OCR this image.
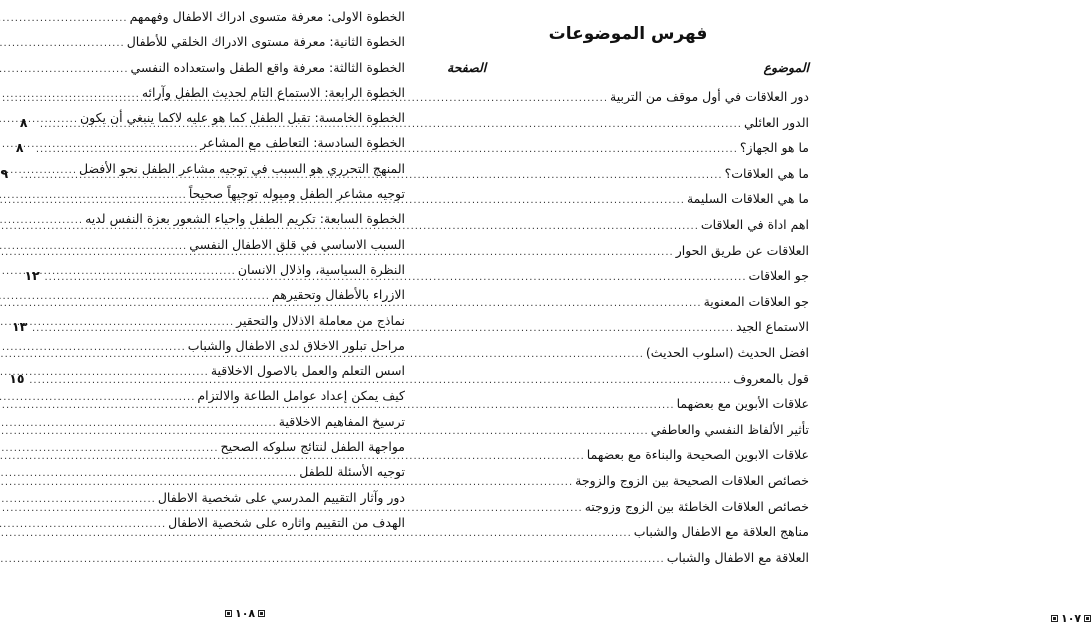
الخطوة الاولى: معرفة متسوى ادراك الاطفال وفهمهم
.....
الخطوة الثانية: معرفة مستوى الادراك الخلقي للأطفال
.....
الخطوة الثالثة: معرفة واقع الطفل واستعداده النفسي
.....
الخطوة الرابعة: الاستماع التام لحديث الطفل وآرائه
.....
الخطوة الخامسة: تقبل الطفل كما هو عليه لاكما ينبغي أن يكون
.....
الخطوة السادسة: التعاطف مع المشاعر
.....
المنهج التحرري هو السبب في توجيه مشاعر الطفل نحو الأفضل
.....
توجيه مشاعر الطفل وميوله توجيهاً صحيحاً
.....
الخطوة السابعة: تكريم الطفل واحياء الشعور بعزة النفس لديه
.....
السبب الاساسي في قلق الاطفال النفسي
.....
النظرة السياسية، واذلال الانسان
.....
الازراء بالأطفال وتحقيرهم
.....
نماذج من معاملة الاذلال والتحقير
.....
مراحل تبلور الاخلاق لدى الاطفال والشباب
.....
اسس التعلم والعمل بالاصول الاخلاقية
.....
كيف يمكن إعداد عوامل الطاعة والالتزام
.....
ترسيخ المفاهيم الاخلاقية
.....
مواجهة الطفل لنتائج سلوكه الصحيح
.....
توجيه الأسئلة للطفل
.....
دور وآثار التقييم المدرسي على شخصية الاطفال
.....
الهدف من التقييم واثاره على شخصية الاطفال
.....
١٠٨
فهرس الموضوعات
الموضوع
الصفحة
دور العلاقات في أول موقف من التربية
.....
الدور العائلي
.....
٨
ما هو الجهاز؟
.....
٨
ما هي العلاقات؟
.....
٩
ما هي العلاقات السليمة
.....
اهم اداة في العلاقات
.....
العلاقات عن طريق الحوار
.....
جو العلاقات
.....
١٢
جو العلاقات المعنوية
.....
الاستماع الجيد
.....
١٣
افضل الحديث (اسلوب الحديث)
.....
قول بالمعروف
.....
١٥
علاقات الأبوين مع بعضهما
.....
تأثير الألفاظ النفسي والعاطفي
.....
علاقات الابوين الصحيحة والبناءة مع بعضهما
.....
خصائص العلاقات الصحيحة بين الزوج والزوجة
.....
خصائص العلاقات الخاطئة بين الزوج وزوجته
.....
مناهج العلاقة مع الاطفال والشباب
.....
العلاقة مع الاطفال والشباب
.....
١٠٧
